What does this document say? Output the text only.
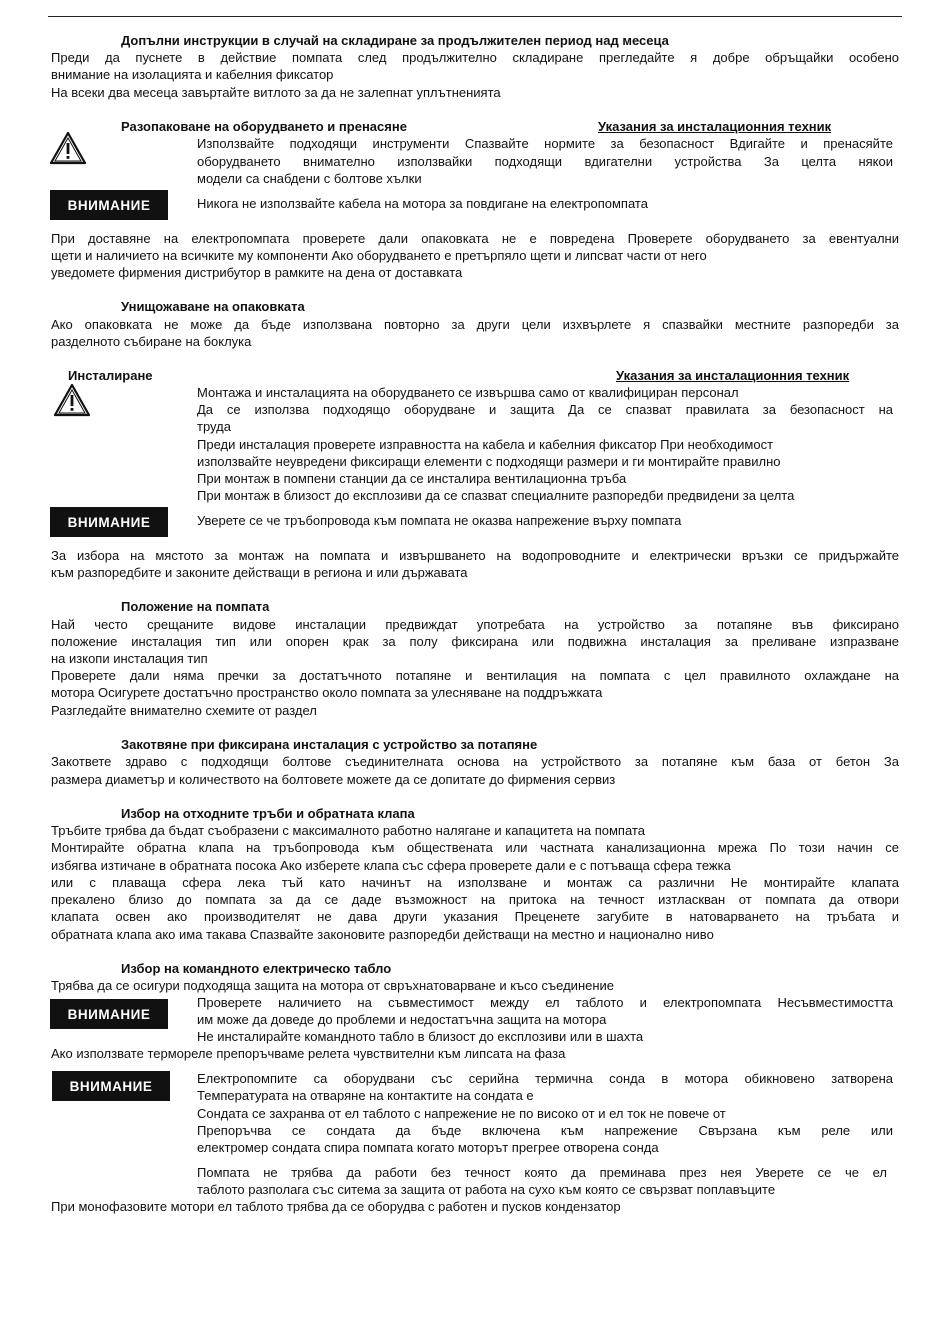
Допълни инструкции в случай на складиране за продължителен период над месеца
Преди да пуснете в действие помпата след продължително складиране прегледайте я добре обръщайки особено
внимание на изолацията и кабелния фиксатор
На всеки два месеца завъртайте витлото за да не залепнат уплътненията
Разопаковане на оборудването и пренасяне	Указания за инсталационния техник
Използвайте подходящи инструменти Спазвайте нормите за безопасност Вдигайте и пренасяйте
оборудването внимателно използвайки подходящи вдигателни устройства За целта някои
модели са снабдени с болтове хълки
ВНИМАНИЕ	Никога не използвайте кабела на мотора за повдигане на електропомпата
При доставяне на електропомпата проверете дали опаковката не е повредена Проверете оборудването за евентуални
щети и наличието на всичките му компоненти Ако оборудването е претърпяло щети и липсват части от него
уведомете фирмения дистрибутор в рамките на дена от доставката
Унищожаване на опаковката
Ако опаковката не може да бъде използвана повторно за други цели изхвърлете я спазвайки местните разпоредби за
разделното събиране на боклука
Инсталиране	Указания за инсталационния техник
Монтажа и инсталацията на оборудването се извършва само от квалифициран персонал
Да се използва подходящо оборудване и защита Да се спазват правилата за безопасност на
труда
Преди инсталация проверете изправността на кабела и кабелния фиксатор При необходимост
използвайте неувредени фиксиращи елементи с подходящи размери и ги монтирайте правилно
При монтаж в помпени станции да се инсталира вентилационна тръба
При монтаж в близост до експлозиви да се спазват специалните разпоредби предвидени за целта
ВНИМАНИЕ	Уверете се че тръбопровода към помпата не оказва напрежение върху помпата
За избора на мястото за монтаж на помпата и извършването на водопроводните и електрически връзки се придържайте
към разпоредбите и законите действащи в региона и или държавата
Положение на помпата
Най често срещаните видове инсталации предвиждат употребата на устройство за потапяне във фиксирано
положение инсталация тип или опорен крак за полу фиксирана или подвижна инсталация за преливане изпразване
на изкопи инсталация тип
Проверете дали няма пречки за достатъчното потапяне и вентилация на помпата с цел правилното охлаждане на
мотора Осигурете достатъчно пространство около помпата за улесняване на поддръжката
Разгледайте внимателно схемите от раздел
Закотвяне при фиксирана инсталация с устройство за потапяне
Закответе здраво с подходящи болтове съединителната основа на устройството за потапяне към база от бетон За
размера диаметър и количеството на болтовете можете да се допитате до фирмения сервиз
Избор на отходните тръби и обратната клапа
Тръбите трябва да бъдат съобразени с максималното работно налягане и капацитета на помпата
Монтирайте обратна клапа на тръбопровода към обществената или частната канализационна мрежа По този начин се
избягва изтичане в обратната посока Ако изберете клапа със сфера проверете дали е с потъваща сфера тежка
или с плаваща сфера лека тъй като начинът на използване и монтаж са различни Не монтирайте клапата
прекалено близо до помпата за да се даде възможност на притока на течност изтласкван от помпата да отвори
клапата освен ако производителят не дава други указания Преценете загубите в натоварването на тръбата и
обратната клапа ако има такава Спазвайте законовите разпоредби действащи на местно и национално ниво
Избор на командното електрическо табло
Трябва да се осигури подходяща защита на мотора от свръхнатоварване и късо съединение
ВНИМАНИЕ
Проверете наличието на съвместимост между ел таблото и електропомпата Несъвместимостта
им може да доведе до проблеми и недостатъчна защита на мотора
Не инсталирайте командното табло в близост до експлозиви или в шахта
Ако използвате термореле препоръчваме релета чувствителни към липсата на фаза
ВНИМАНИЕ	Електропомпите са оборудвани със серийна термична сонда в мотора обикновено затворена
Температурата на отваряне на контактите на сондата е
Сондата се захранва от ел таблото с напрежение не по високо от и ел ток не повече от
Препоръчва се сондата да бъде включена към напрежение Свързана към реле или
електромер сондата спира помпата когато моторът прегрее отворена сонда
Помпата не трябва да работи без течност която да преминава през нея Уверете се че ел
таблото разполага със ситема за защита от работа на сухо към която се свързват поплавъците
При монофазовите мотори ел таблото трябва да се оборудва с работен и пусков кондензатор
